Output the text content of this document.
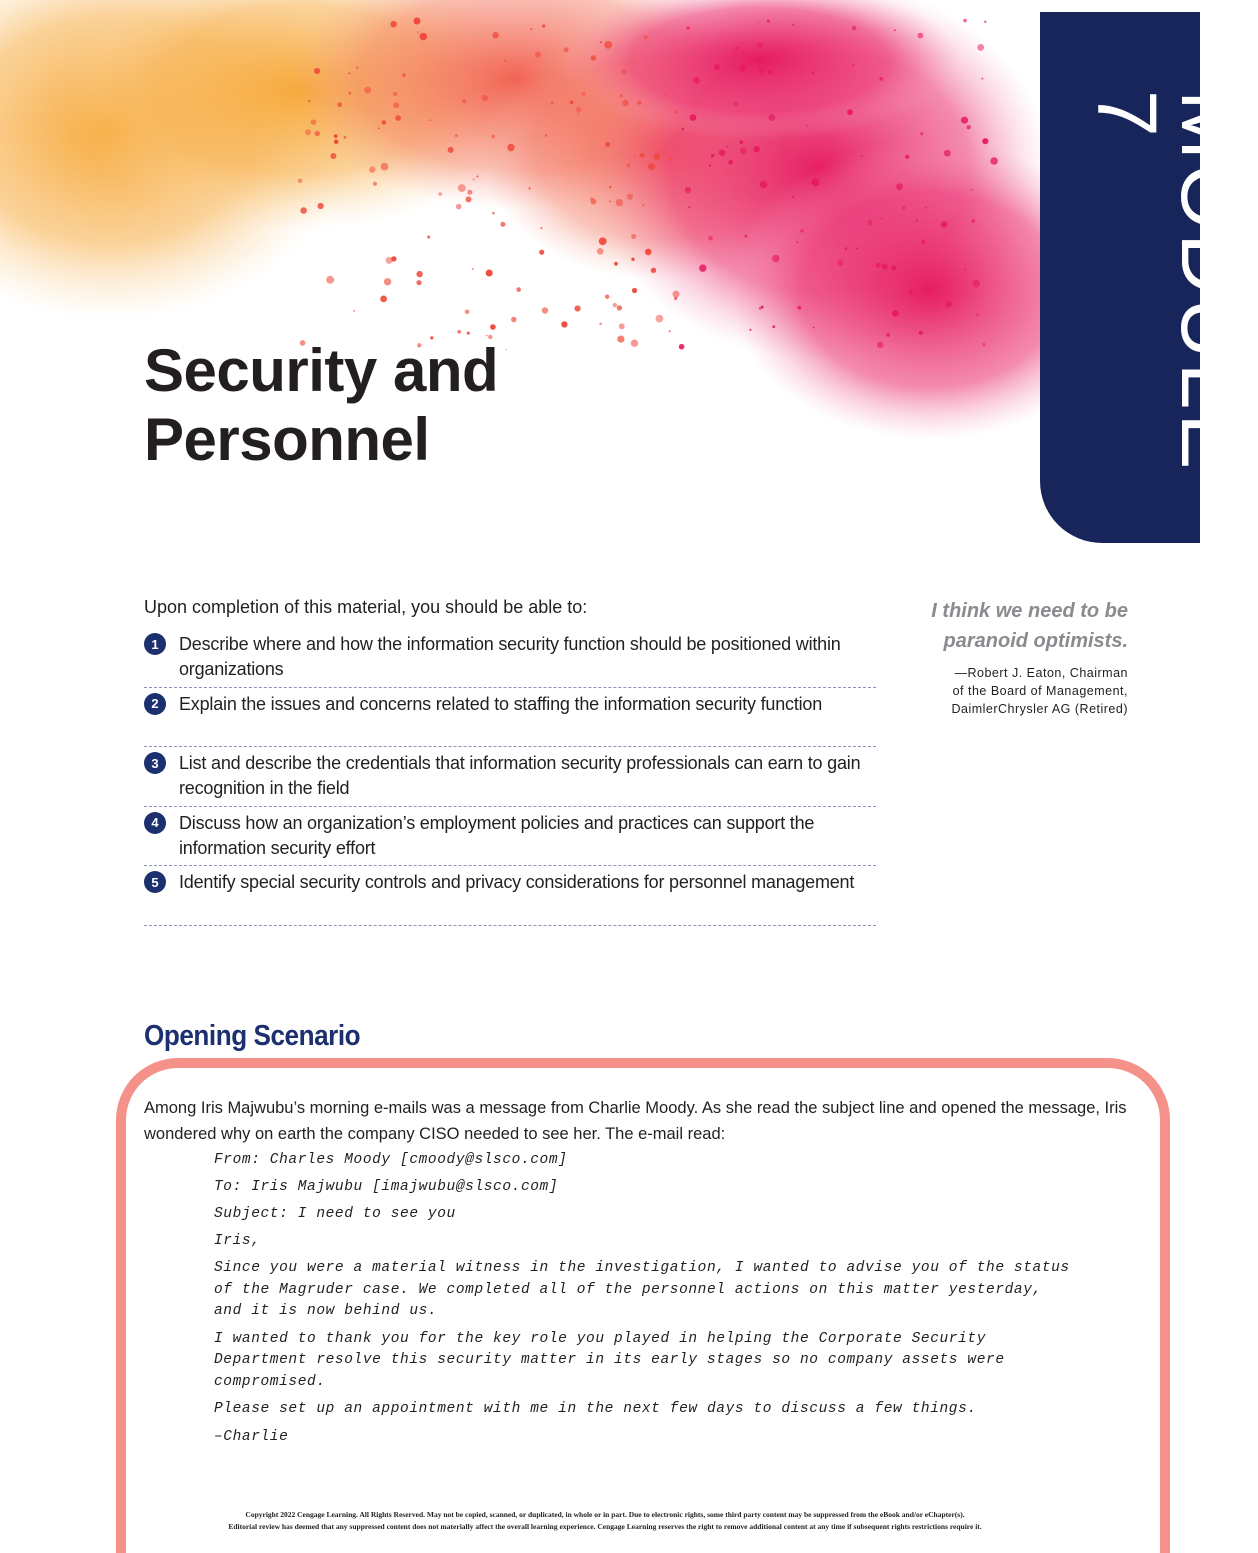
MODULE 7
Security and
Personnel
Upon completion of this material, you should be able to:
1	Describe where and how the information security function should be positioned within organizations
2	Explain the issues and concerns related to staffing the information security function
3	List and describe the credentials that information security professionals can earn to gain recognition in the field
4	Discuss how an organization’s employment policies and practices can support the information security effort
5	Identify special security controls and privacy considerations for personnel management
I think we need to be paranoid optimists.
—Robert J. Eaton, Chairman
of the Board of Management,
DaimlerChrysler AG (Retired)
Opening Scenario

Among Iris Majwubu’s morning e-mails was a message from Charlie Moody. As she read the subject line and opened the message, Iris wondered why on earth the company CISO needed to see her. The e-mail read:

From: Charles Moody [cmoody@slsco.com]
To: Iris Majwubu [imajwubu@slsco.com]
Subject: I need to see you
Iris,
Since you were a material witness in the investigation, I wanted to advise you of the status of the Magruder case. We completed all of the personnel actions on this matter yesterday, and it is now behind us.
I wanted to thank you for the key role you played in helping the Corporate Security Department resolve this security matter in its early stages so no company assets were compromised.
Please set up an appointment with me in the next few days to discuss a few things.
–Charlie
Copyright 2022 Cengage Learning. All Rights Reserved. May not be copied, scanned, or duplicated, in whole or in part. Due to electronic rights, some third party content may be suppressed from the eBook and/or eChapter(s).
Editorial review has deemed that any suppressed content does not materially affect the overall learning experience. Cengage Learning reserves the right to remove additional content at any time if subsequent rights restrictions require it.
